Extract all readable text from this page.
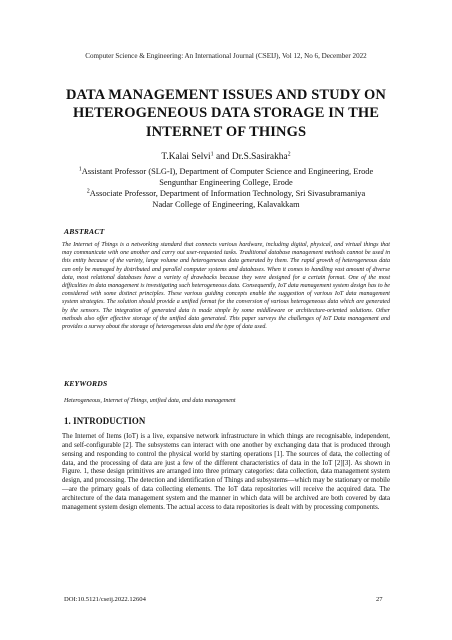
Computer Science & Engineering: An International Journal (CSEIJ), Vol 12, No 6, December 2022
DATA MANAGEMENT ISSUES AND STUDY ON
HETEROGENEOUS DATA STORAGE IN THE
INTERNET OF THINGS
T.Kalai Selvi$^1$ and Dr.S.Sasirakha$^2$
$^1$Assistant Professor (SLG-I), Department of Computer Science and Engineering, Erode
Sengunthar Engineering College, Erode
$^2$Associate Professor, Department of Information Technology, Sri Sivasubramaniya
Nadar College of Engineering, Kalavakkam
ABSTRACT
The Internet of Things is a networking standard that connects various hardware, including digital, physical, and virtual things that may communicate with one another and carry out user-requested tasks. Traditional database management methods cannot be used in this entity because of the variety, large volume and heterogeneous data generated by them. The rapid growth of heterogeneous data can only be managed by distributed and parallel computer systems and databases. When it comes to handling vast amount of diverse data, most relational databases have a variety of drawbacks because they were designed for a certain format. One of the most difficulties in data management is investigating such heterogeneous data. Consequently, IoT data management system design has to be considered with some distinct principles. These various guiding concepts enable the suggestion of various IoT data management system strategies. The solution should provide a unified format for the conversion of various heterogeneous data which are generated by the sensors. The integration of generated data is made simple by some middleware or architecture-oriented solutions. Other methods also offer effective storage of the unified data generated. This paper surveys the challenges of IoT Data management and provides a survey about the storage of heterogeneous data and the type of data used.
KEYWORDS
Heterogeneous, Internet of Things, unified data, and data management
1. INTRODUCTION
The Internet of Items (IoT) is a live, expansive network infrastructure in which things are recognisable, independent, and self-configurable [2]. The subsystems can interact with one another by exchanging data that is produced through sensing and responding to control the physical world by starting operations [1]. The sources of data, the collecting of data, and the processing of data are just a few of the different characteristics of data in the IoT [2][3]. As shown in Figure. 1, these design primitives are arranged into three primary categories: data collection, data management system design, and processing. The detection and identification of Things and subsystems—which may be stationary or mobile—are the primary goals of data collecting elements. The IoT data repositories will receive the acquired data. The architecture of the data management system and the manner in which data will be archived are both covered by data management system design elements. The actual access to data repositories is dealt with by processing components.
DOI:10.5121/cseij.2022.12604	27
